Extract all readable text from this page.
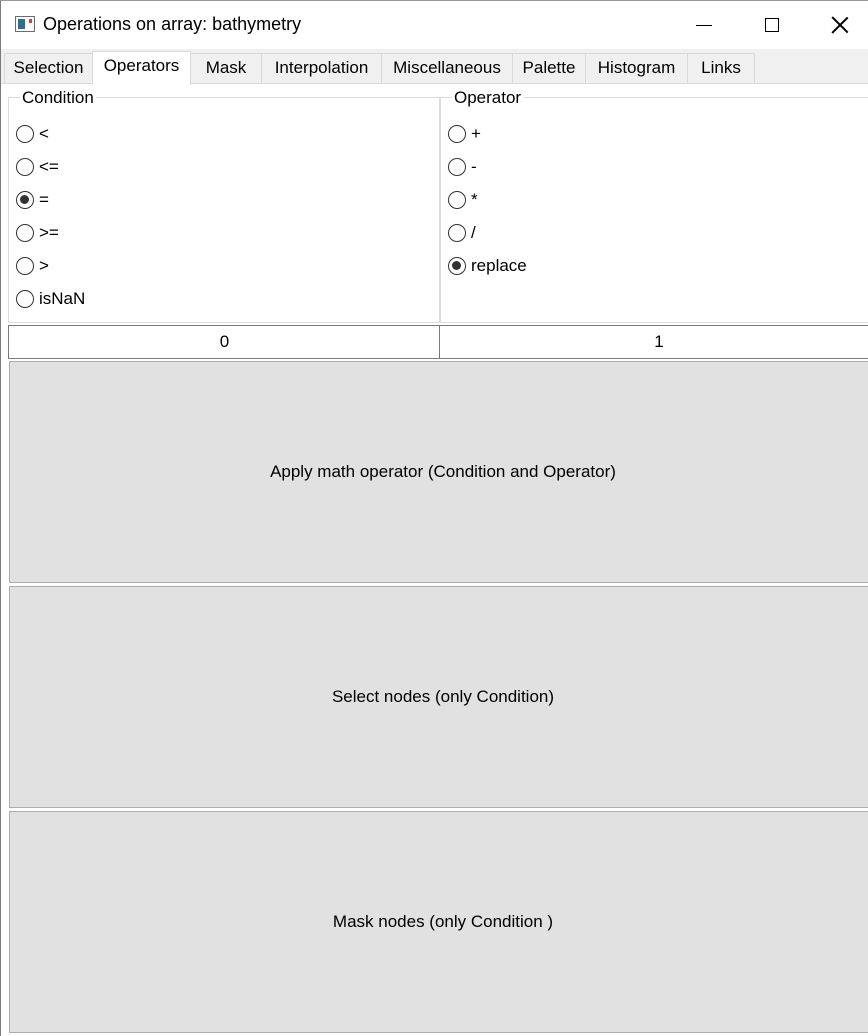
Operations on array: bathymetry
Selection	Operators	Mask	Interpolation	Miscellaneous	Palette	Histogram	Links
Condition
<
<=
=
>=
>
isNaN
Operator
+
-
*
/
replace
0
1
Apply math operator (Condition and Operator)
Select nodes (only Condition)
Mask nodes (only Condition )
